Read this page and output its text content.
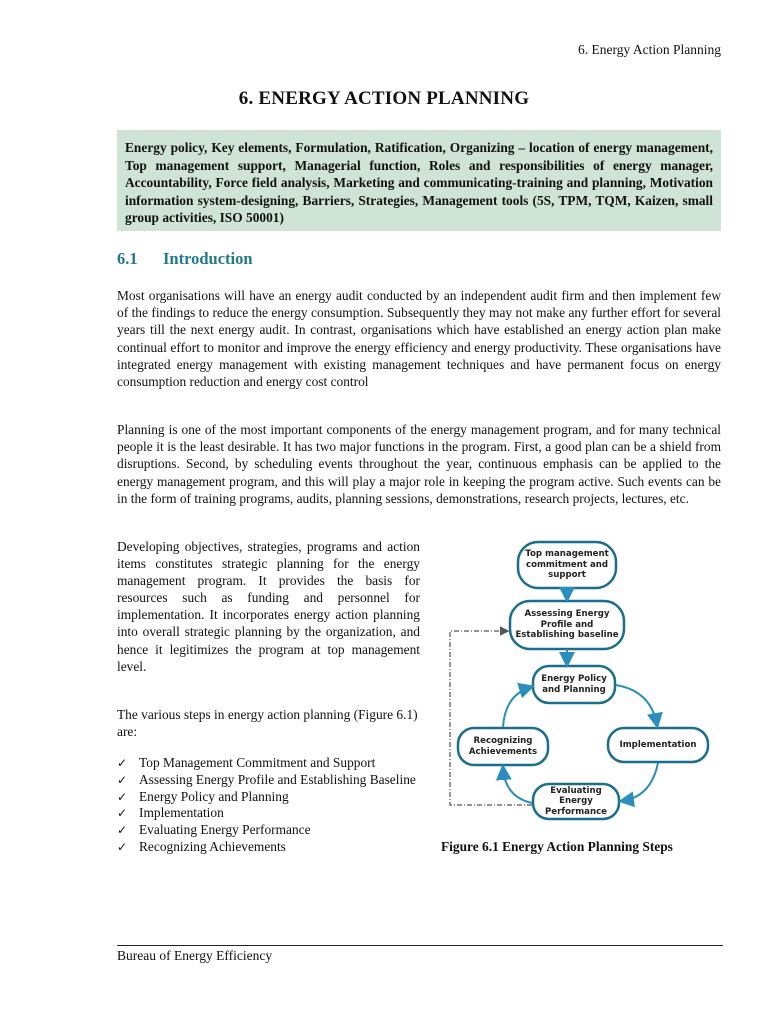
6. Energy Action Planning
6. ENERGY ACTION PLANNING
Energy policy, Key elements, Formulation, Ratification, Organizing – location of energy management, Top management support, Managerial function, Roles and responsibilities of energy manager, Accountability, Force field analysis, Marketing and communicating-training and planning, Motivation information system-designing, Barriers, Strategies, Management tools (5S, TPM, TQM, Kaizen, small group activities, ISO 50001)
6.1 Introduction

Most organisations will have an energy audit conducted by an independent audit firm and then implement few of the findings to reduce the energy consumption. Subsequently they may not make any further effort for several years till the next energy audit. In contrast, organisations which have established an energy action plan make continual effort to monitor and improve the energy efficiency and energy productivity. These organisations have integrated energy management with existing management techniques and have permanent focus on energy consumption reduction and energy cost control

Planning is one of the most important components of the energy management program, and for many technical people it is the least desirable. It has two major functions in the program. First, a good plan can be a shield from disruptions. Second, by scheduling events throughout the year, continuous emphasis can be applied to the energy management program, and this will play a major role in keeping the program active. Such events can be in the form of training programs, audits, planning sessions, demonstrations, research projects, lectures, etc.

Developing objectives, strategies, programs and action items constitutes strategic planning for the energy management program. It provides the basis for resources such as funding and personnel for implementation. It incorporates energy action planning into overall strategic planning by the organization, and hence it legitimizes the program at top management level.

The various steps in energy action planning (Figure 6.1) are:

✓ Top Management Commitment and Support
✓ Assessing Energy Profile and Establishing Baseline
✓ Energy Policy and Planning
✓ Implementation
✓ Evaluating Energy Performance
✓ Recognizing Achievements
Top management commitment and support
Assessing Energy Profile and Establishing baseline
Energy Policy and Planning
Implementation
Evaluating Energy Performance
Recognizing Achievements
Figure 6.1 Energy Action Planning Steps
Bureau of Energy Efficiency
